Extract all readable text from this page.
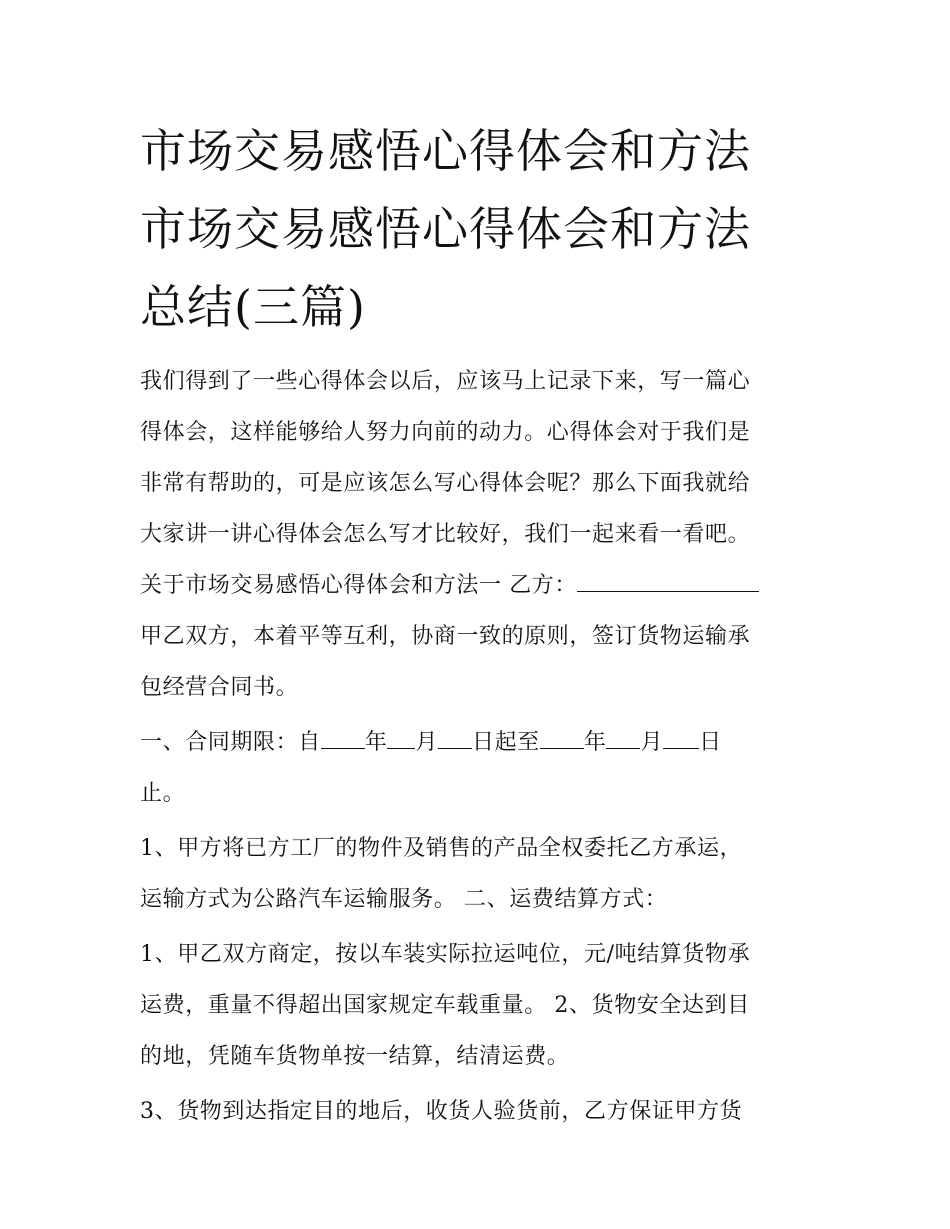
市场交易感悟心得体会和方法
市场交易感悟心得体会和方法
总结(三篇)
我们得到了一些心得体会以后，应该马上记录下来，写一篇心
得体会，这样能够给人努力向前的动力。心得体会对于我们是
非常有帮助的，可是应该怎么写心得体会呢？那么下面我就给
大家讲一讲心得体会怎么写才比较好，我们一起来看一看吧。
关于市场交易感悟心得体会和方法一 乙方：
甲乙双方，本着平等互利，协商一致的原则，签订货物运输承
包经营合同书。
一、合同期限：自 年 月 日起至 年 月 日
止。
1、甲方将已方工厂的物件及销售的产品全权委托乙方承运，
运输方式为公路汽车运输服务。 二、运费结算方式：
1、甲乙双方商定，按以车装实际拉运吨位，元/吨结算货物承
运费，重量不得超出国家规定车载重量。 2、货物安全达到目
的地，凭随车货物单按一结算，结清运费。
3、货物到达指定目的地后，收货人验货前，乙方保证甲方货
